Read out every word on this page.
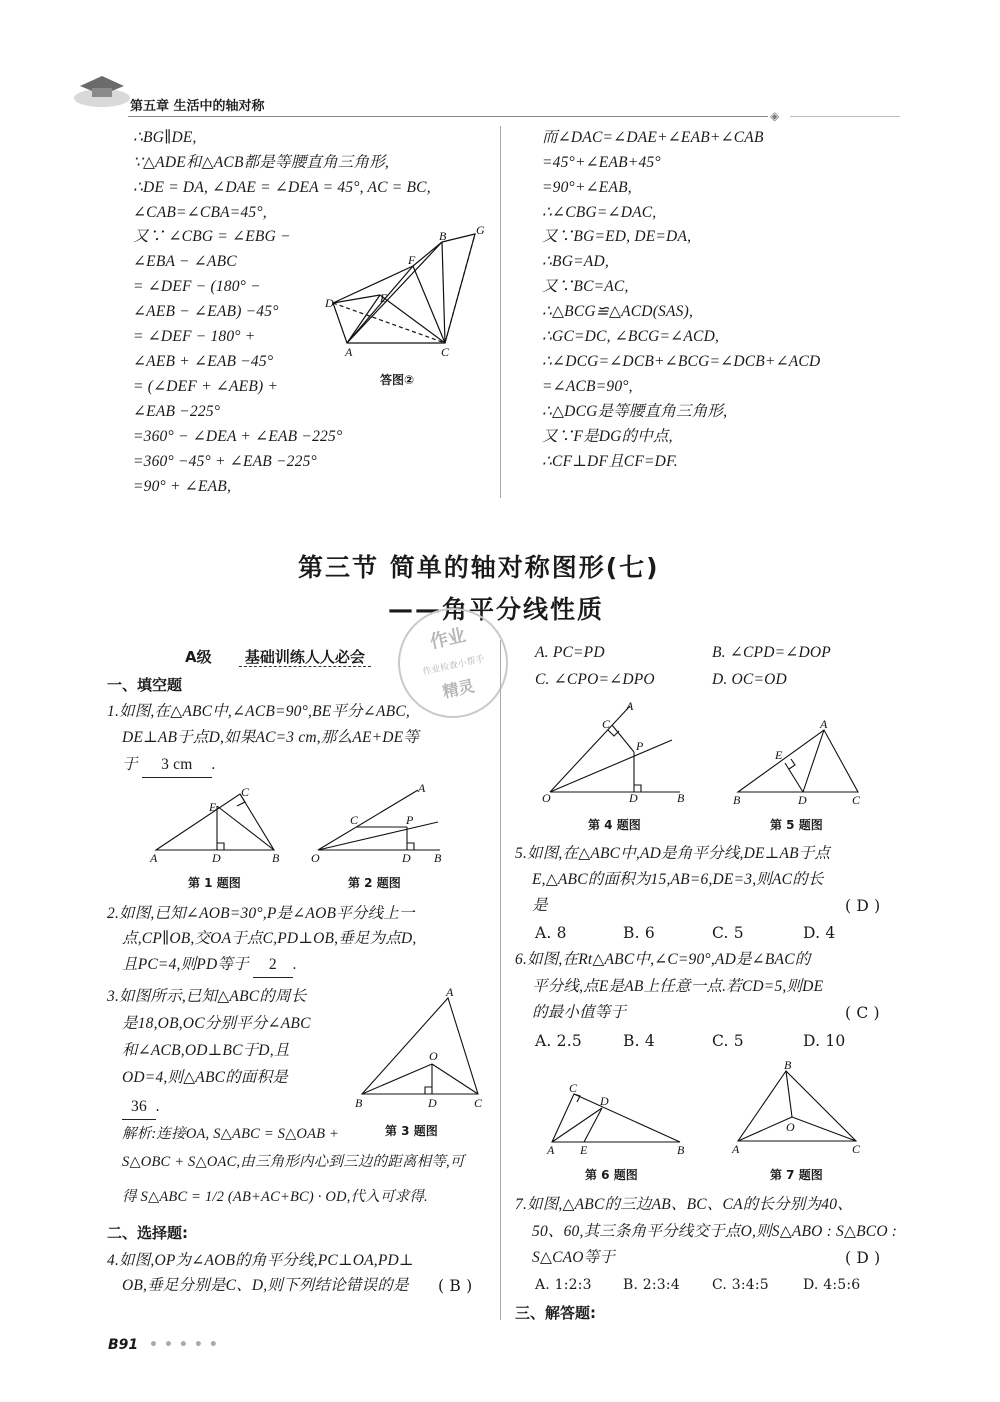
第五章 生活中的轴对称
◈
∴BG∥DE,
∵△ADE和△ACB都是等腰直角三角形,
∴DE = DA, ∠DAE = ∠DEA = 45°, AC = BC,
∠CAB=∠CBA=45°,
又∵ ∠CBG = ∠EBG −
∠EBA − ∠ABC
= ∠DEF − (180° −
∠AEB − ∠EAB) −45°
= ∠DEF − 180° +
∠AEB + ∠EAB −45°
= (∠DEF + ∠AEB) +
∠EAB −225°
=360° − ∠DEA + ∠EAB −225°
=360° −45° + ∠EAB −225°
=90° + ∠EAB,
B G
F
E
D
A	C
答图②
而∠DAC=∠DAE+∠EAB+∠CAB
=45°+∠EAB+45°
=90°+∠EAB,
∴∠CBG=∠DAC,
又∵BG=ED, DE=DA,
∴BG=AD,
又∵BC=AC,
∴△BCG≌△ACD(SAS),
∴GC=DC, ∠BCG=∠ACD,
∴∠DCG=∠DCB+∠BCG=∠DCB+∠ACD
=∠ACB=90°,
∴△DCG是等腰直角三角形,
又∵F是DG的中点,
∴CF⊥DF且CF=DF.
第三节 简单的轴对称图形(七)
——角平分线性质
作业
作业检查小帮手
精灵
A级 基础训练人人必会
一、填空题
1.如图,在△ABC中,∠ACB=90°,BE平分∠ABC,
DE⊥AB于点D,如果AC=3 cm,那么AE+DE等
于 3 cm .
A	D	B
C
E
第 1 题图
O	D B
A
C	P
第 2 题图
2.如图,已知∠AOB=30°,P是∠AOB平分线上一
点,CP∥OB,交OA于点C,PD⊥OB,垂足为点D,
且PC=4,则PD等于 2 .
3.如图所示,已知△ABC的周长
是18,OB,OC分别平分∠ABC
和∠ACB,OD⊥BC于D,且
OD=4,则△ABC的面积是
36 .
解析:连接OA, S△ABC = S△OAB +
S△OBC + S△OAC,由三角形内心到三边的距离相等,可
得 S△ABC = 1/2 (AB+AC+BC) · OD,代入可求得.
B	D	C
A
O
第 3 题图
二、选择题:
4.如图,OP为∠AOB的角平分线,PC⊥OA,PD⊥
OB,垂足分别是C、D,则下列结论错误的是 ( B )
B91 •••••
A. PC=PD	B. ∠CPD=∠DOP
C. ∠CPO=∠DPO	D. OC=OD
O	D	B
A
C
P
第 4 题图
B	D	C
A
E
第 5 题图
5.如图,在△ABC中,AD是角平分线,DE⊥AB于点
E,△ABC的面积为15,AB=6,DE=3,则AC的长
是	( D )
A. 8	B. 6	C. 5	D. 4
6.如图,在Rt△ABC中,∠C=90°,AD是∠BAC的
平分线,点E是AB上任意一点.若CD=5,则DE
的最小值等于	( C )
A. 2.5	B. 4	C. 5	D. 10
A E	B
C
D
第 6 题图
A	C
B
O
第 7 题图
7.如图,△ABC的三边AB、BC、CA的长分别为40、
50、60,其三条角平分线交于点O,则S△ABO : S△BCO :
S△CAO等于	( D )
A. 1:2:3 B. 2:3:4 C. 3:4:5 D. 4:5:6
三、解答题:
